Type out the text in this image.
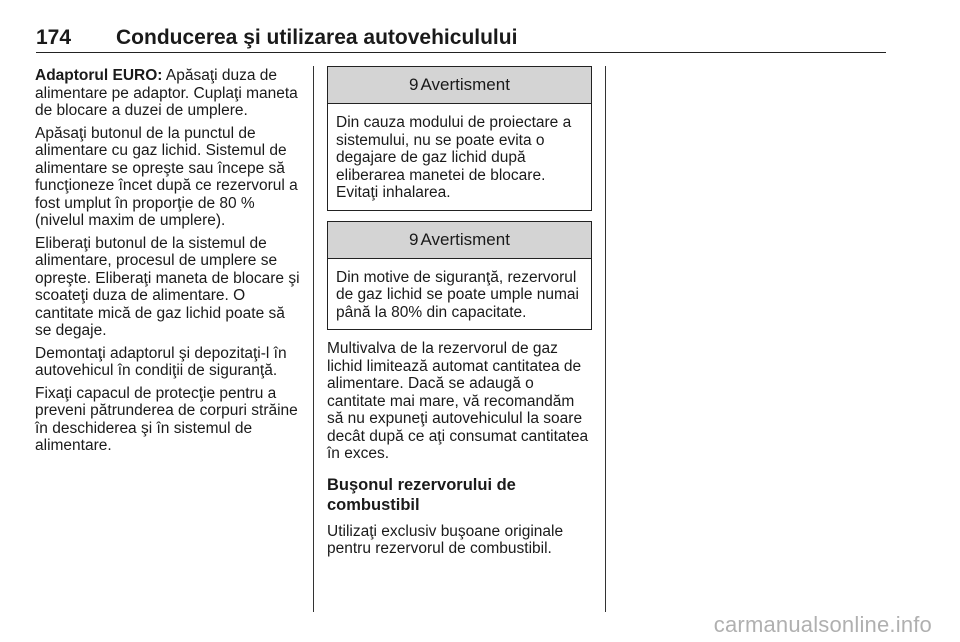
174 Conducerea şi utilizarea autovehiculului

Adaptorul EURO: Apăsaţi duza de alimentare pe adaptor. Cuplaţi maneta de blocare a duzei de umplere.

Apăsaţi butonul de la punctul de alimentare cu gaz lichid. Sistemul de alimentare se opreşte sau începe să funcţioneze încet după ce rezervorul a fost umplut în proporţie de 80 % (nivelul maxim de umplere).

Eliberaţi butonul de la sistemul de alimentare, procesul de umplere se opreşte. Eliberaţi maneta de blocare şi scoateţi duza de alimentare. O cantitate mică de gaz lichid poate să se degaje.

Demontaţi adaptorul şi depozitaţi-l în autovehicul în condiţii de siguranţă.

Fixaţi capacul de protecţie pentru a preveni pătrunderea de corpuri străine în deschiderea şi în sistemul de alimentare.

9 Avertisment
Din cauza modului de proiectare a sistemului, nu se poate evita o degajare de gaz lichid după eliberarea manetei de blocare. Evitaţi inhalarea.
9 Avertisment
Din motive de siguranţă, rezervorul de gaz lichid se poate umple numai până la 80% din capacitate.

Multivalva de la rezervorul de gaz lichid limitează automat cantitatea de alimentare. Dacă se adaugă o cantitate mai mare, vă recomandăm să nu expuneţi autovehiculul la soare decât după ce aţi consumat cantitatea în exces.

Buşonul rezervorului de combustibil

Utilizaţi exclusiv buşoane originale pentru rezervorul de combustibil.

carmanualsonline.info
